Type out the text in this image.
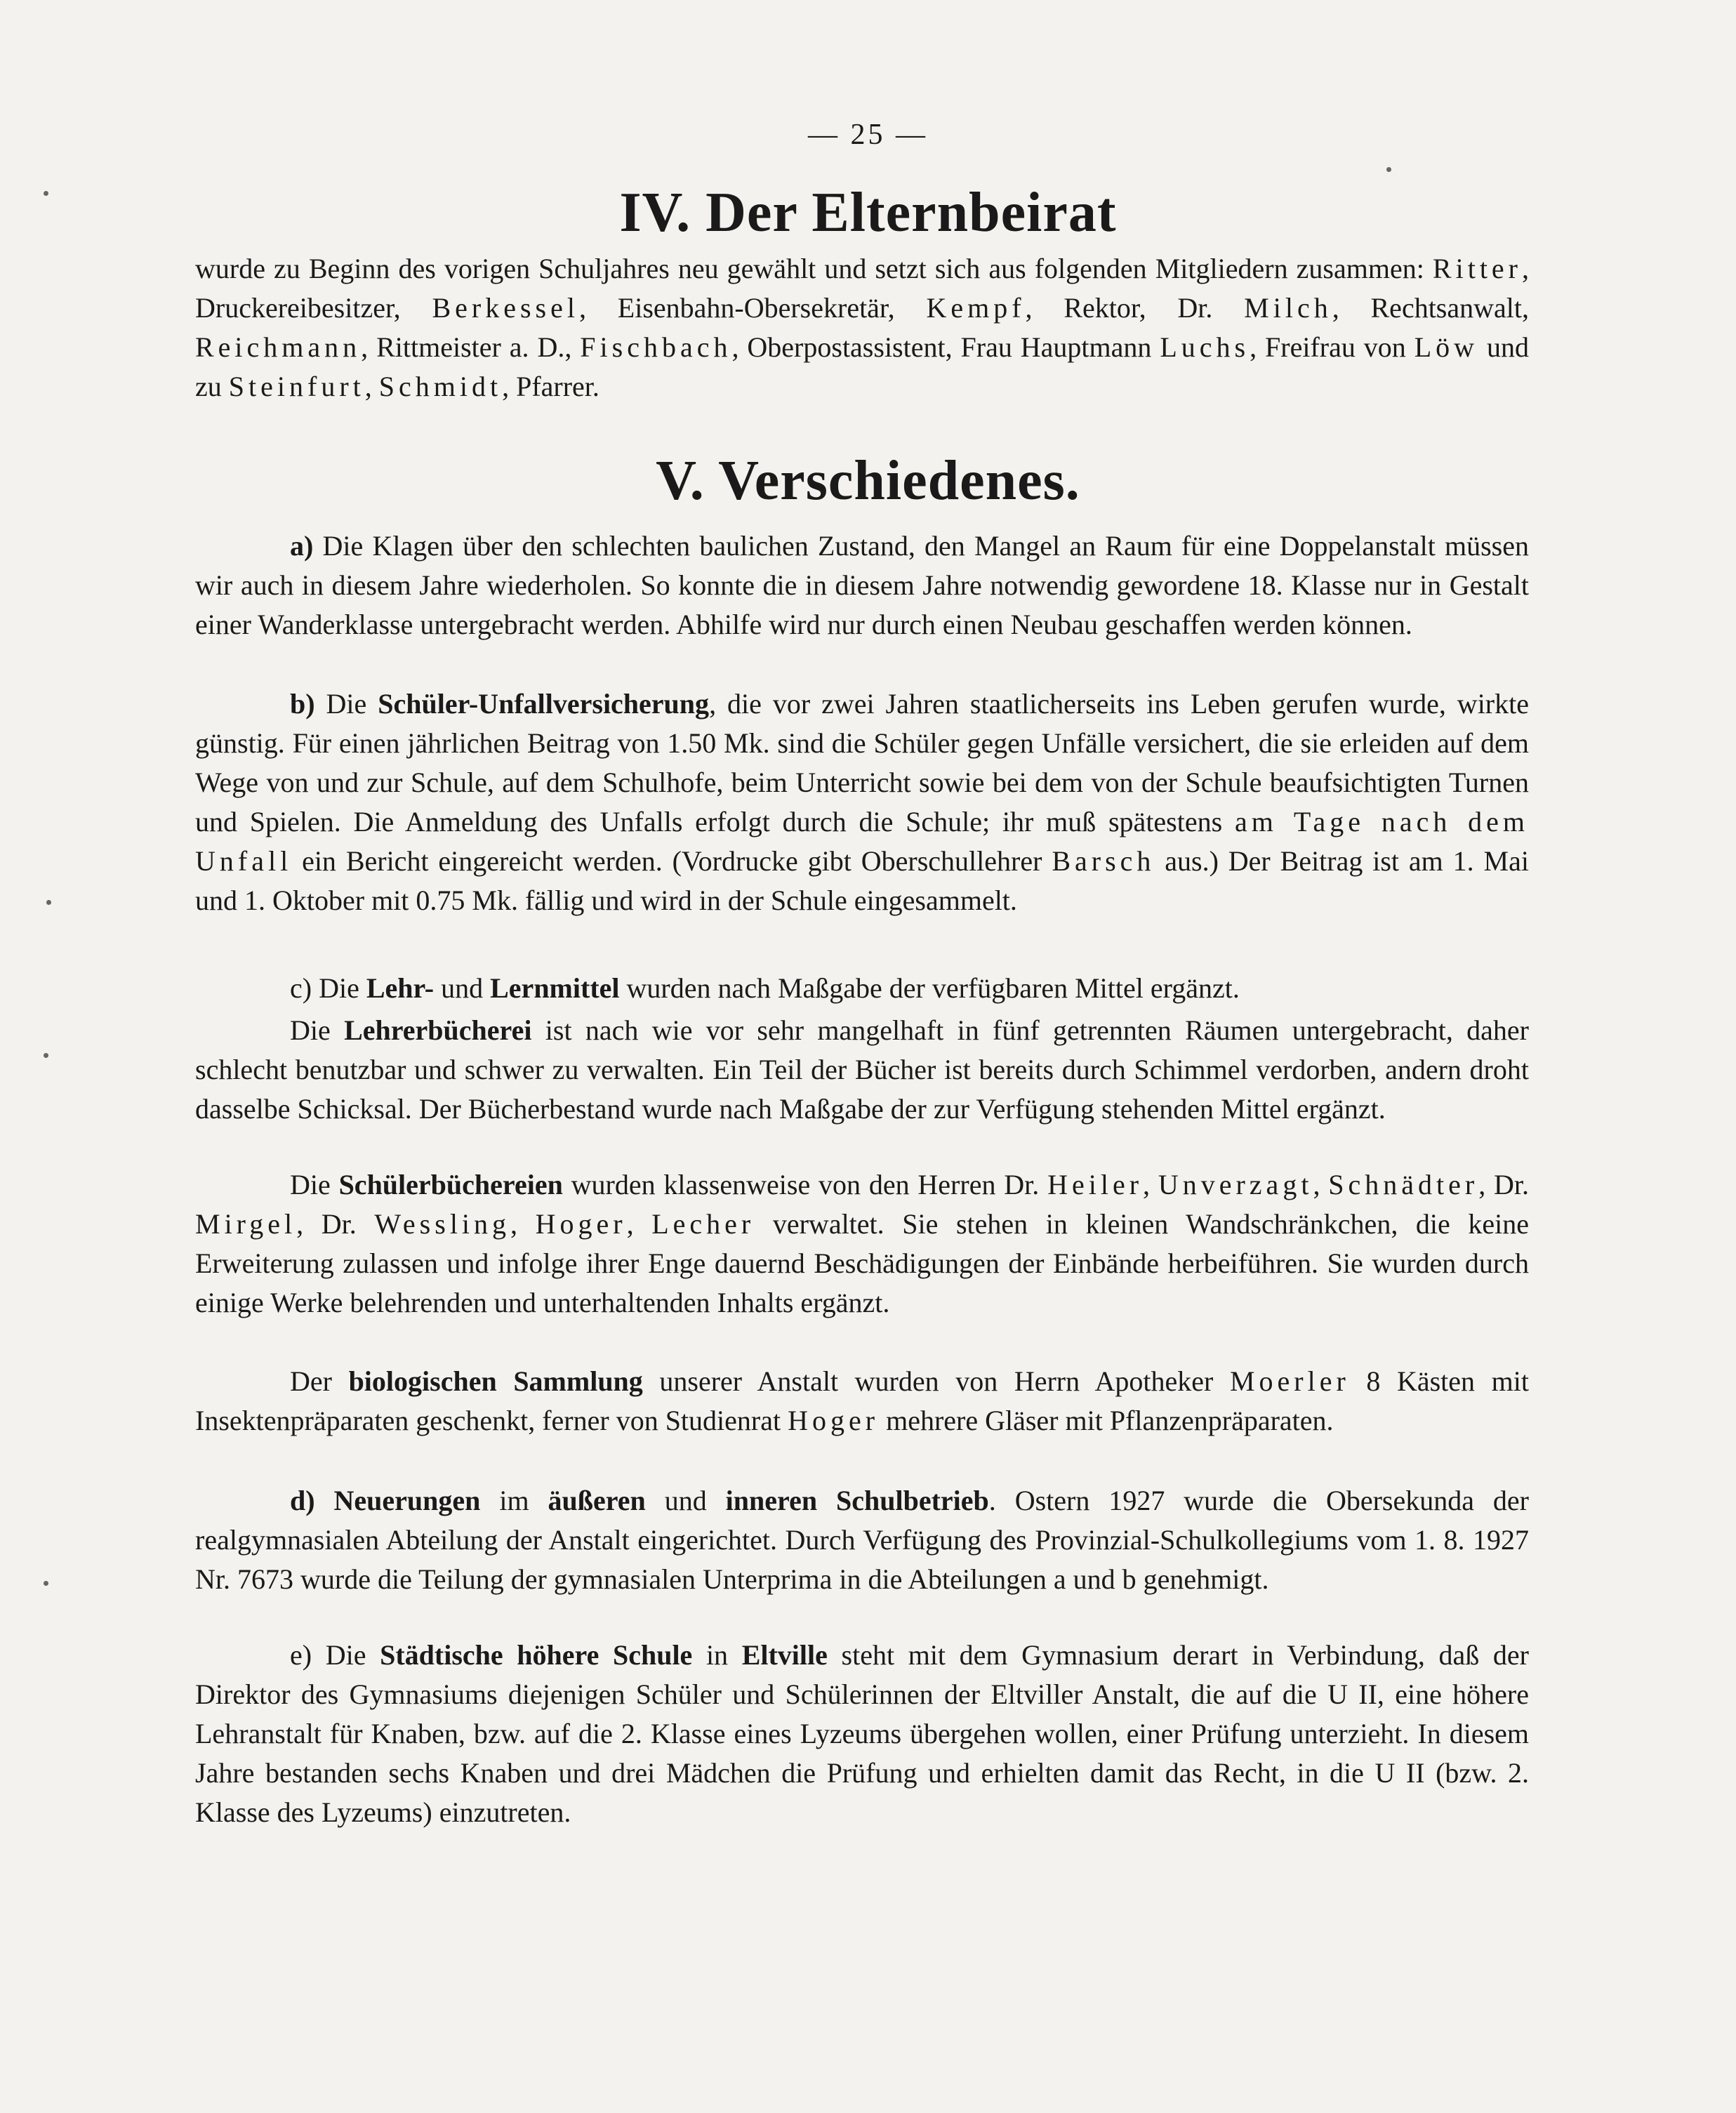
— 25 —
IV. Der Elternbeirat

wurde zu Beginn des vorigen Schuljahres neu gewählt und setzt sich aus folgenden Mitgliedern zusammen: Ritter, Druckereibesitzer, Berkessel, Eisenbahn-Obersekretär, Kempf, Rektor, Dr. Milch, Rechtsanwalt, Reichmann, Rittmeister a. D., Fischbach, Oberpostassistent, Frau Hauptmann Luchs, Freifrau von Löw und zu Steinfurt, Schmidt, Pfarrer.

V. Verschiedenes.

a) Die Klagen über den schlechten baulichen Zustand, den Mangel an Raum für eine Doppelanstalt müssen wir auch in diesem Jahre wiederholen. So konnte die in diesem Jahre notwendig gewordene 18. Klasse nur in Gestalt einer Wanderklasse untergebracht werden. Abhilfe wird nur durch einen Neubau geschaffen werden können.

b) Die Schüler-Unfallversicherung, die vor zwei Jahren staatlicherseits ins Leben gerufen wurde, wirkte günstig. Für einen jährlichen Beitrag von 1.50 Mk. sind die Schüler gegen Unfälle versichert, die sie erleiden auf dem Wege von und zur Schule, auf dem Schulhofe, beim Unterricht sowie bei dem von der Schule beaufsichtigten Turnen und Spielen. Die Anmeldung des Unfalls erfolgt durch die Schule; ihr muß spätestens am Tage nach dem Unfall ein Bericht eingereicht werden. (Vordrucke gibt Oberschullehrer Barsch aus.) Der Beitrag ist am 1. Mai und 1. Oktober mit 0.75 Mk. fällig und wird in der Schule eingesammelt.

c) Die Lehr- und Lernmittel wurden nach Maßgabe der verfügbaren Mittel ergänzt.

Die Lehrerbücherei ist nach wie vor sehr mangelhaft in fünf getrennten Räumen untergebracht, daher schlecht benutzbar und schwer zu verwalten. Ein Teil der Bücher ist bereits durch Schimmel verdorben, andern droht dasselbe Schicksal. Der Bücherbestand wurde nach Maßgabe der zur Verfügung stehenden Mittel ergänzt.

Die Schülerbüchereien wurden klassenweise von den Herren Dr. Heiler, Unverzagt, Schnädter, Dr. Mirgel, Dr. Wessling, Hoger, Lecher verwaltet. Sie stehen in kleinen Wandschränkchen, die keine Erweiterung zulassen und infolge ihrer Enge dauernd Beschädigungen der Einbände herbeiführen. Sie wurden durch einige Werke belehrenden und unterhaltenden Inhalts ergänzt.

Der biologischen Sammlung unserer Anstalt wurden von Herrn Apotheker Moerler 8 Kästen mit Insektenpräparaten geschenkt, ferner von Studienrat Hoger mehrere Gläser mit Pflanzenpräparaten.

d) Neuerungen im äußeren und inneren Schulbetrieb. Ostern 1927 wurde die Obersekunda der realgymnasialen Abteilung der Anstalt eingerichtet. Durch Verfügung des Provinzial-Schulkollegiums vom 1. 8. 1927 Nr. 7673 wurde die Teilung der gymnasialen Unterprima in die Abteilungen a und b genehmigt.

e) Die Städtische höhere Schule in Eltville steht mit dem Gymnasium derart in Verbindung, daß der Direktor des Gymnasiums diejenigen Schüler und Schülerinnen der Eltviller Anstalt, die auf die U II, eine höhere Lehranstalt für Knaben, bzw. auf die 2. Klasse eines Lyzeums übergehen wollen, einer Prüfung unterzieht. In diesem Jahre bestanden sechs Knaben und drei Mädchen die Prüfung und erhielten damit das Recht, in die U II (bzw. 2. Klasse des Lyzeums) einzutreten.
